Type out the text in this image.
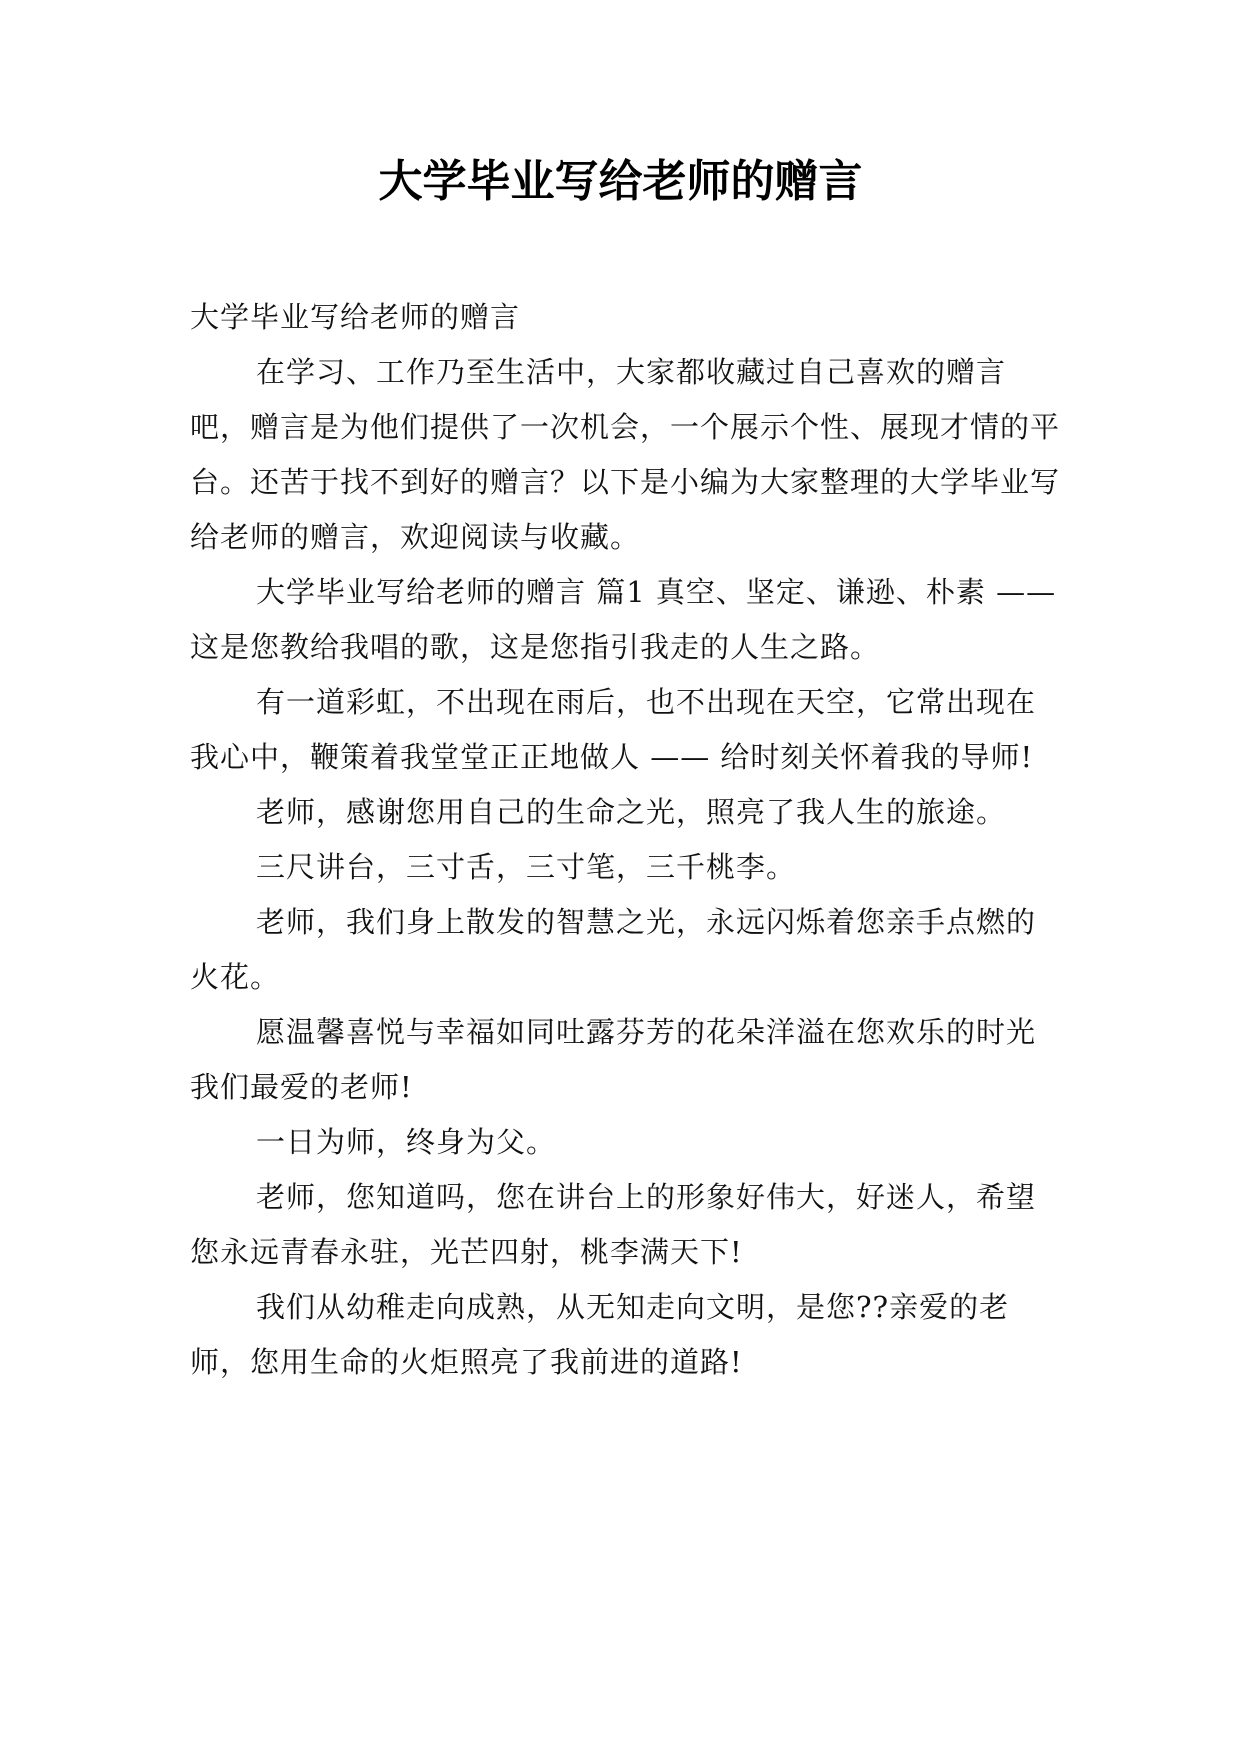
大学毕业写给老师的赠言

大学毕业写给老师的赠言

在学习、工作乃至生活中，大家都收藏过自己喜欢的赠言吧，赠言是为他们提供了一次机会，一个展示个性、展现才情的平台。还苦于找不到好的赠言？以下是小编为大家整理的大学毕业写给老师的赠言，欢迎阅读与收藏。

大学毕业写给老师的赠言 篇1 真空、坚定、谦逊、朴素 —— 这是您教给我唱的歌，这是您指引我走的人生之路。

有一道彩虹，不出现在雨后，也不出现在天空，它常出现在我心中，鞭策着我堂堂正正地做人 —— 给时刻关怀着我的导师!

老师，感谢您用自己的生命之光，照亮了我人生的旅途。

三尺讲台，三寸舌，三寸笔，三千桃李。

老师，我们身上散发的智慧之光，永远闪烁着您亲手点燃的火花。

愿温馨喜悦与幸福如同吐露芬芳的花朵洋溢在您欢乐的时光我们最爱的老师!

一日为师，终身为父。

老师，您知道吗，您在讲台上的形象好伟大，好迷人，希望您永远青春永驻，光芒四射，桃李满天下!

我们从幼稚走向成熟，从无知走向文明，是您??亲爱的老师，您用生命的火炬照亮了我前进的道路!
